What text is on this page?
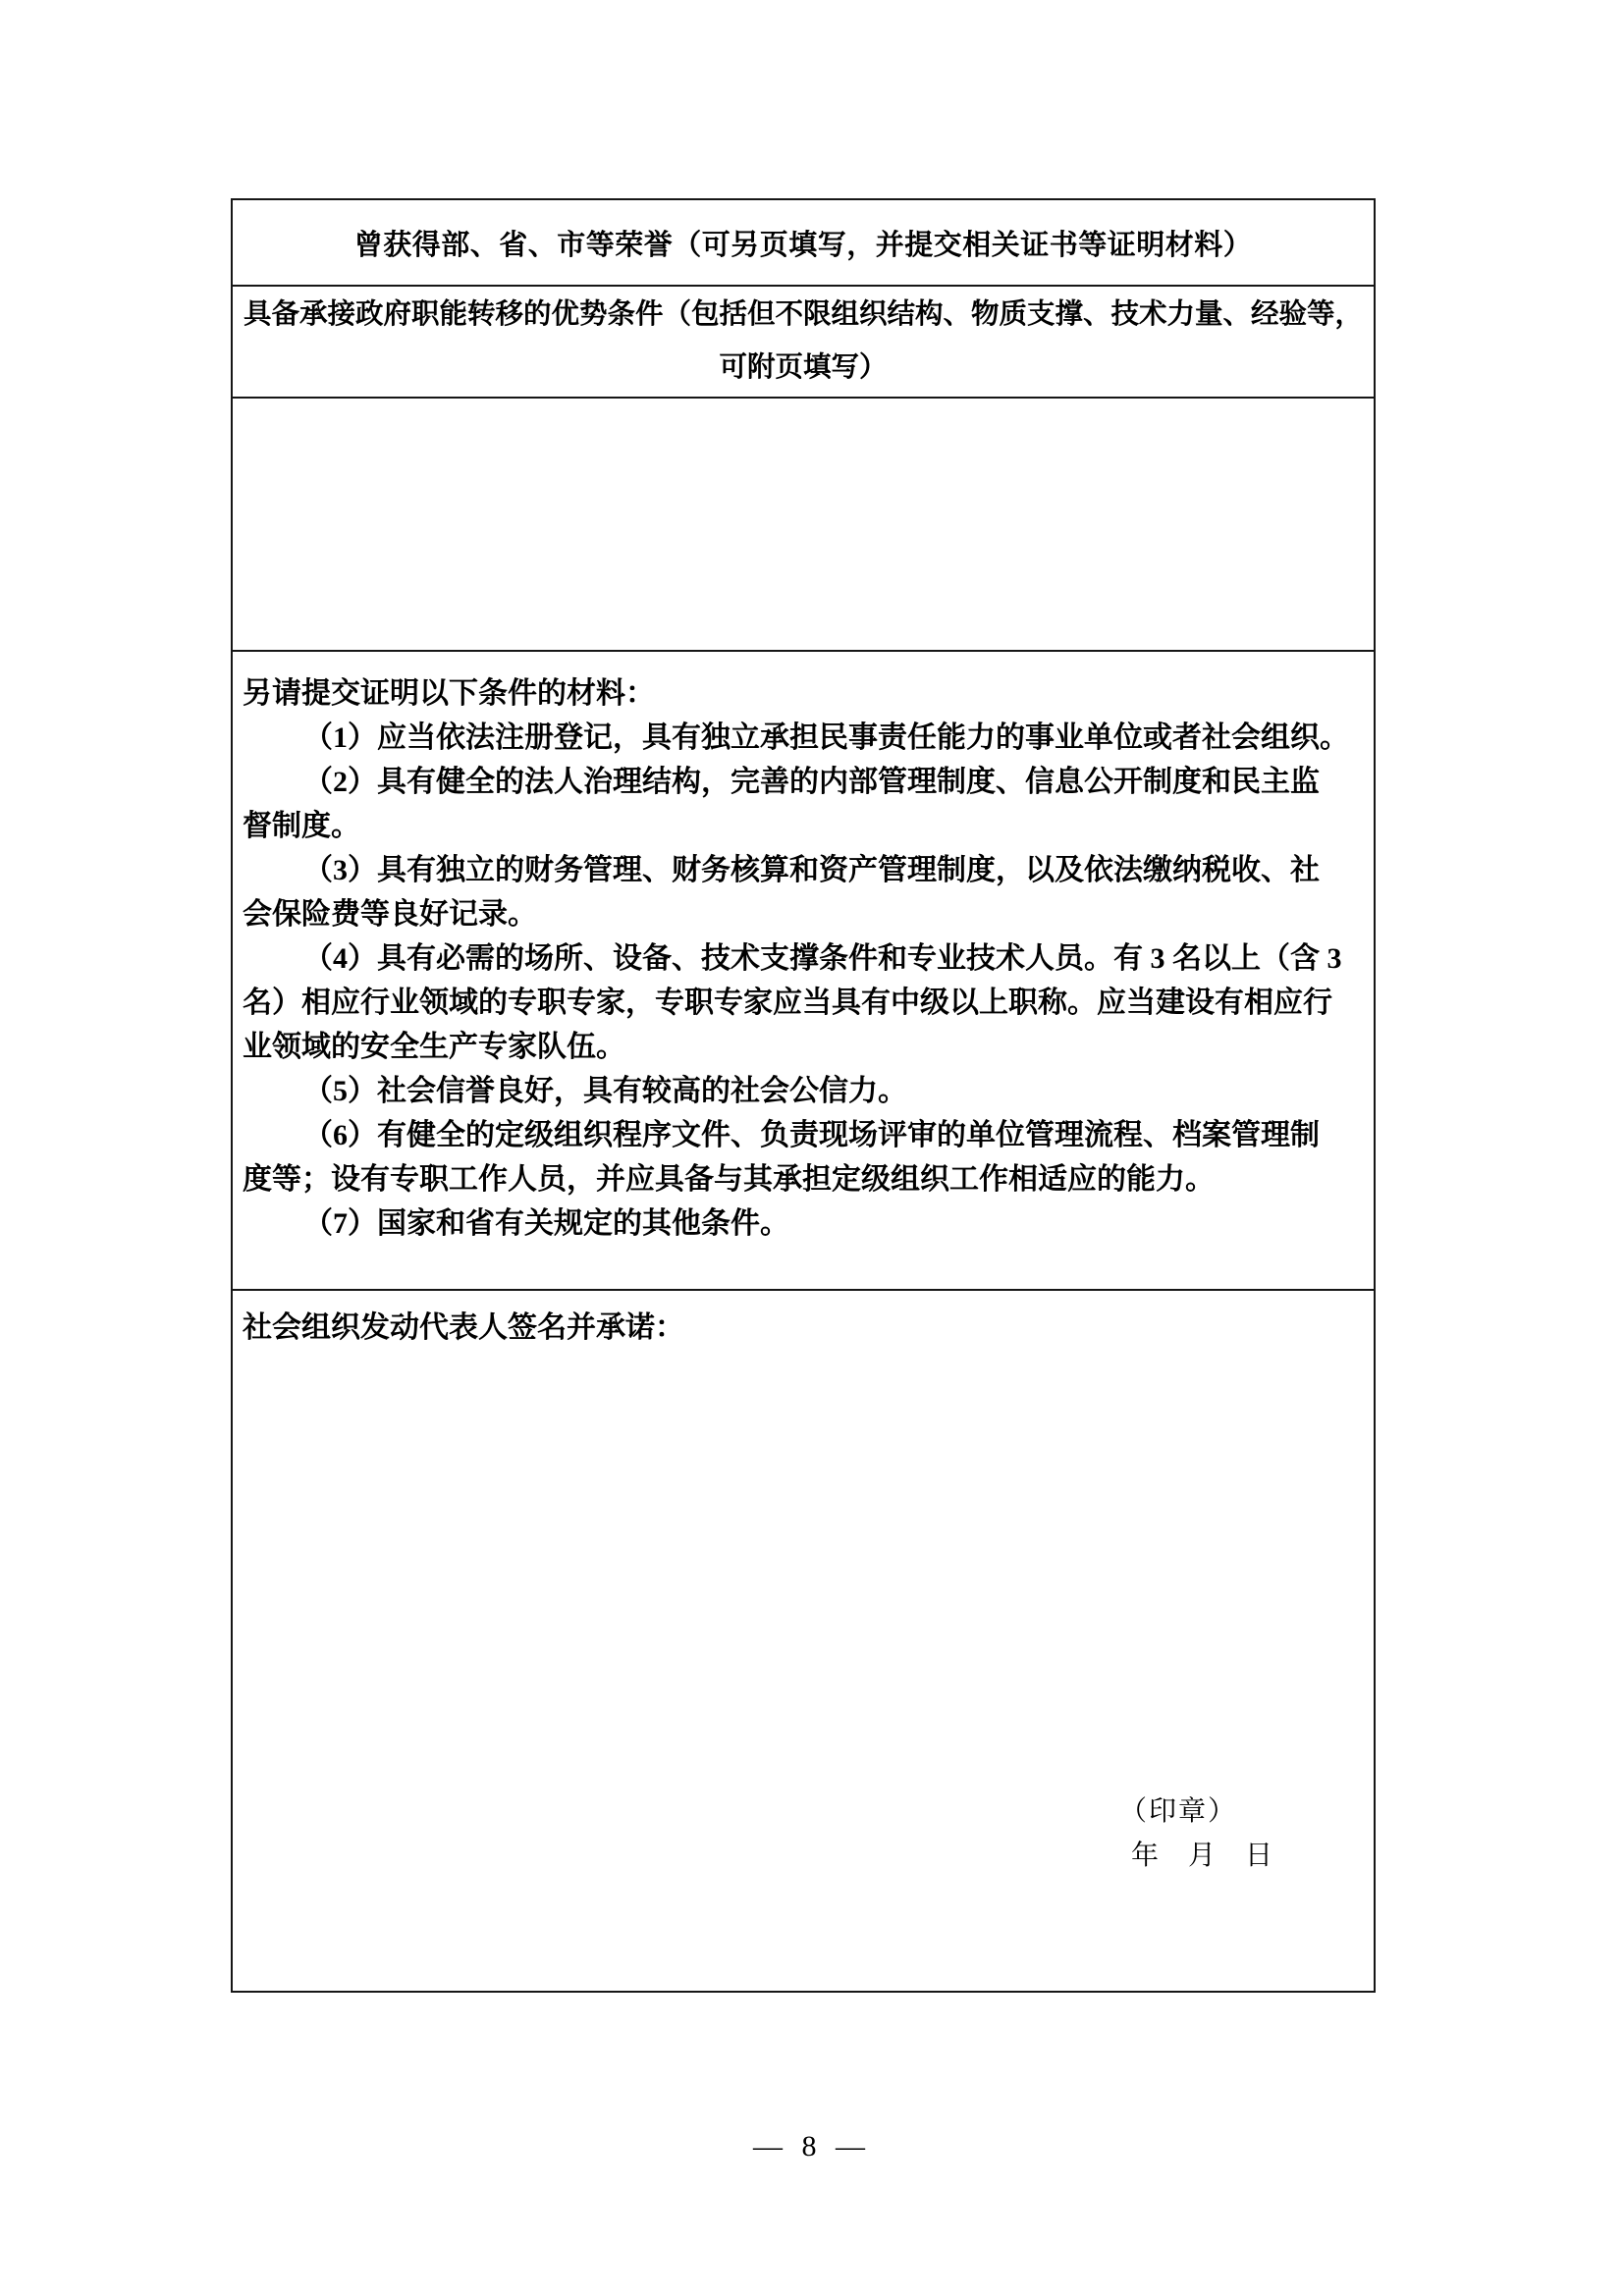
曾获得部、省、市等荣誉（可另页填写，并提交相关证书等证明材料）
具备承接政府职能转移的优势条件（包括但不限组织结构、物质支撑、技术力量、经验等，
可附页填写）
另请提交证明以下条件的材料：
（1）应当依法注册登记，具有独立承担民事责任能力的事业单位或者社会组织。
（2）具有健全的法人治理结构，完善的内部管理制度、信息公开制度和民主监
督制度。
（3）具有独立的财务管理、财务核算和资产管理制度，以及依法缴纳税收、社
会保险费等良好记录。
（4）具有必需的场所、设备、技术支撑条件和专业技术人员。有 3 名以上（含 3
名）相应行业领域的专职专家，专职专家应当具有中级以上职称。应当建设有相应行
业领域的安全生产专家队伍。
（5）社会信誉良好，具有较高的社会公信力。
（6）有健全的定级组织程序文件、负责现场评审的单位管理流程、档案管理制
度等；设有专职工作人员，并应具备与其承担定级组织工作相适应的能力。
（7）国家和省有关规定的其他条件。
社会组织发动代表人签名并承诺：
（印章）
年　月　日
— 8 —
